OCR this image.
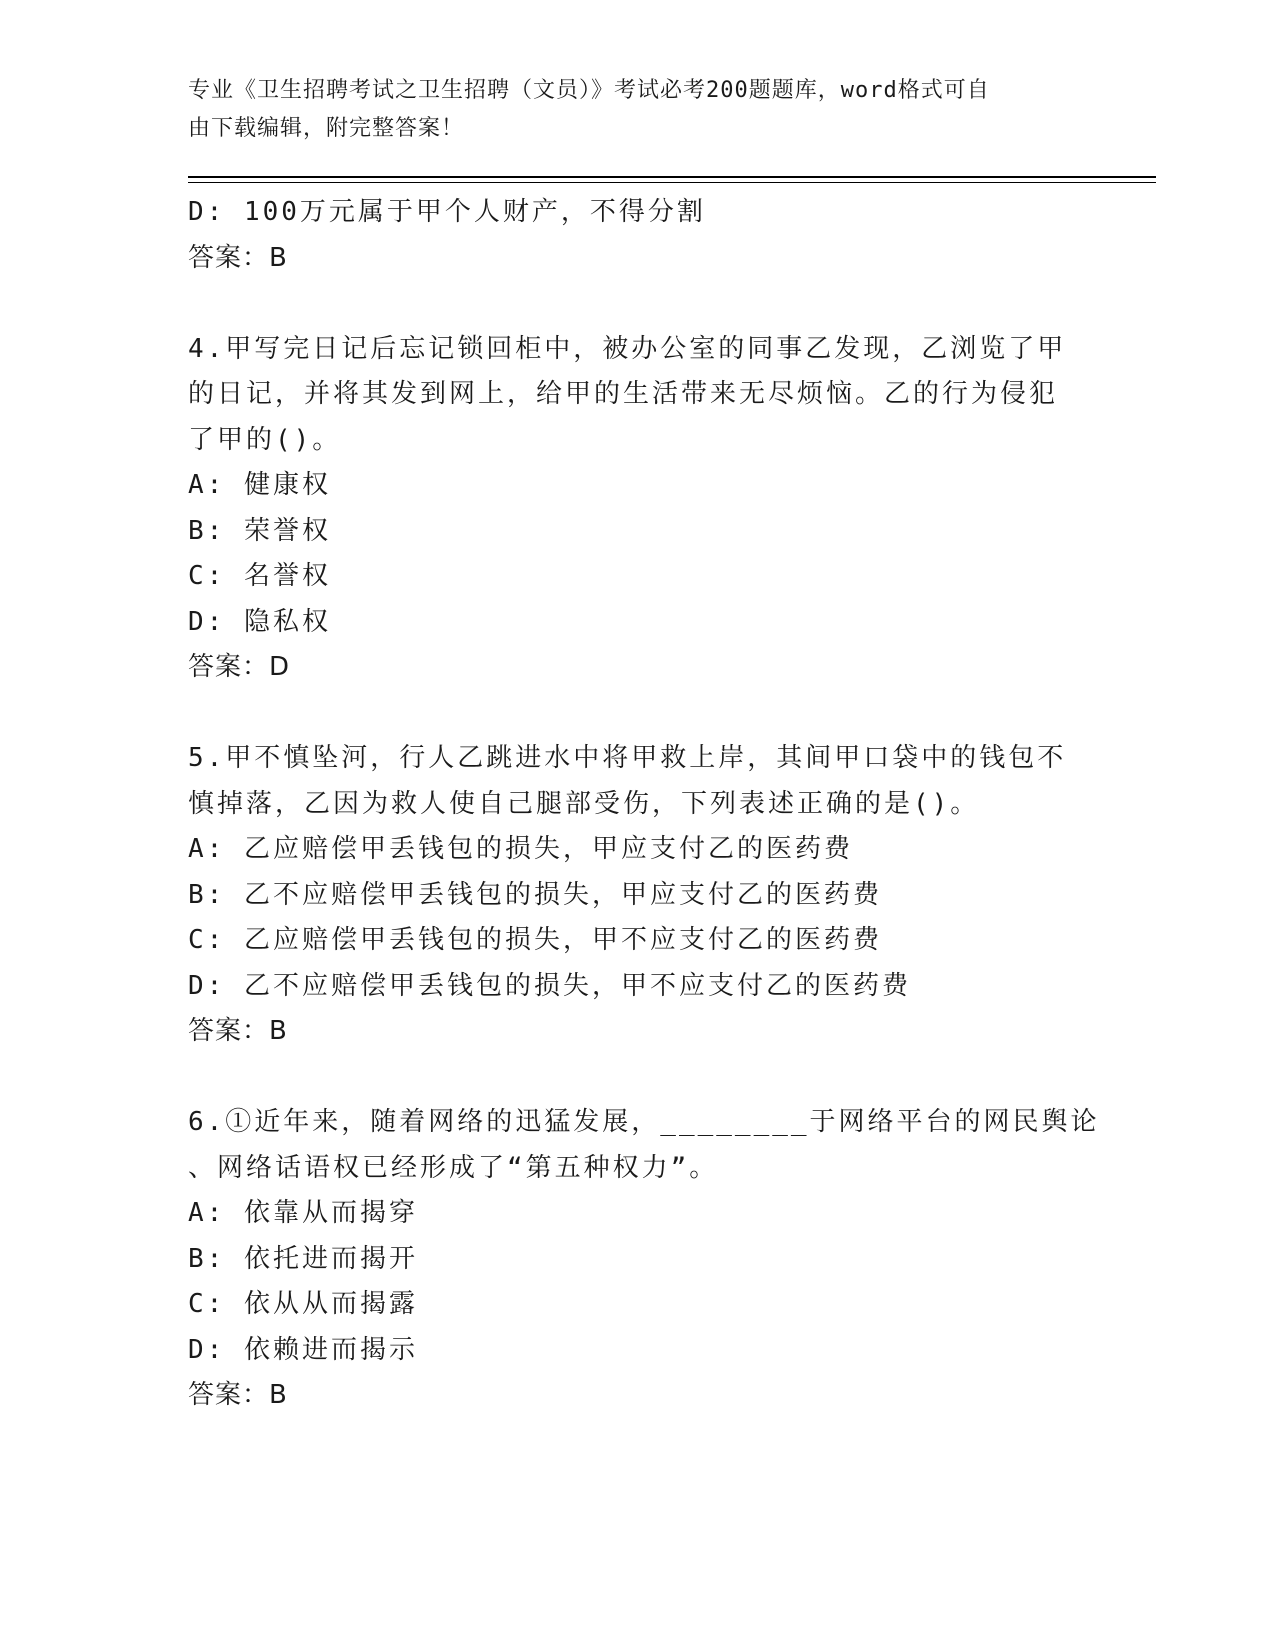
专业《卫生招聘考试之卫生招聘（文员）》考试必考200题题库，word格式可自
由下载编辑，附完整答案！
D: 100万元属于甲个人财产，不得分割
答案：B
4.甲写完日记后忘记锁回柜中，被办公室的同事乙发现，乙浏览了甲
的日记，并将其发到网上，给甲的生活带来无尽烦恼。乙的行为侵犯
了甲的()。
A: 健康权
B: 荣誉权
C: 名誉权
D: 隐私权
答案：D
5.甲不慎坠河，行人乙跳进水中将甲救上岸，其间甲口袋中的钱包不
慎掉落，乙因为救人使自己腿部受伤，下列表述正确的是()。
A: 乙应赔偿甲丢钱包的损失，甲应支付乙的医药费
B: 乙不应赔偿甲丢钱包的损失，甲应支付乙的医药费
C: 乙应赔偿甲丢钱包的损失，甲不应支付乙的医药费
D: 乙不应赔偿甲丢钱包的损失，甲不应支付乙的医药费
答案：B
6.①近年来，随着网络的迅猛发展，________于网络平台的网民舆论
、网络话语权已经形成了“第五种权力”。
A: 依靠从而揭穿
B: 依托进而揭开
C: 依从从而揭露
D: 依赖进而揭示
答案：B
